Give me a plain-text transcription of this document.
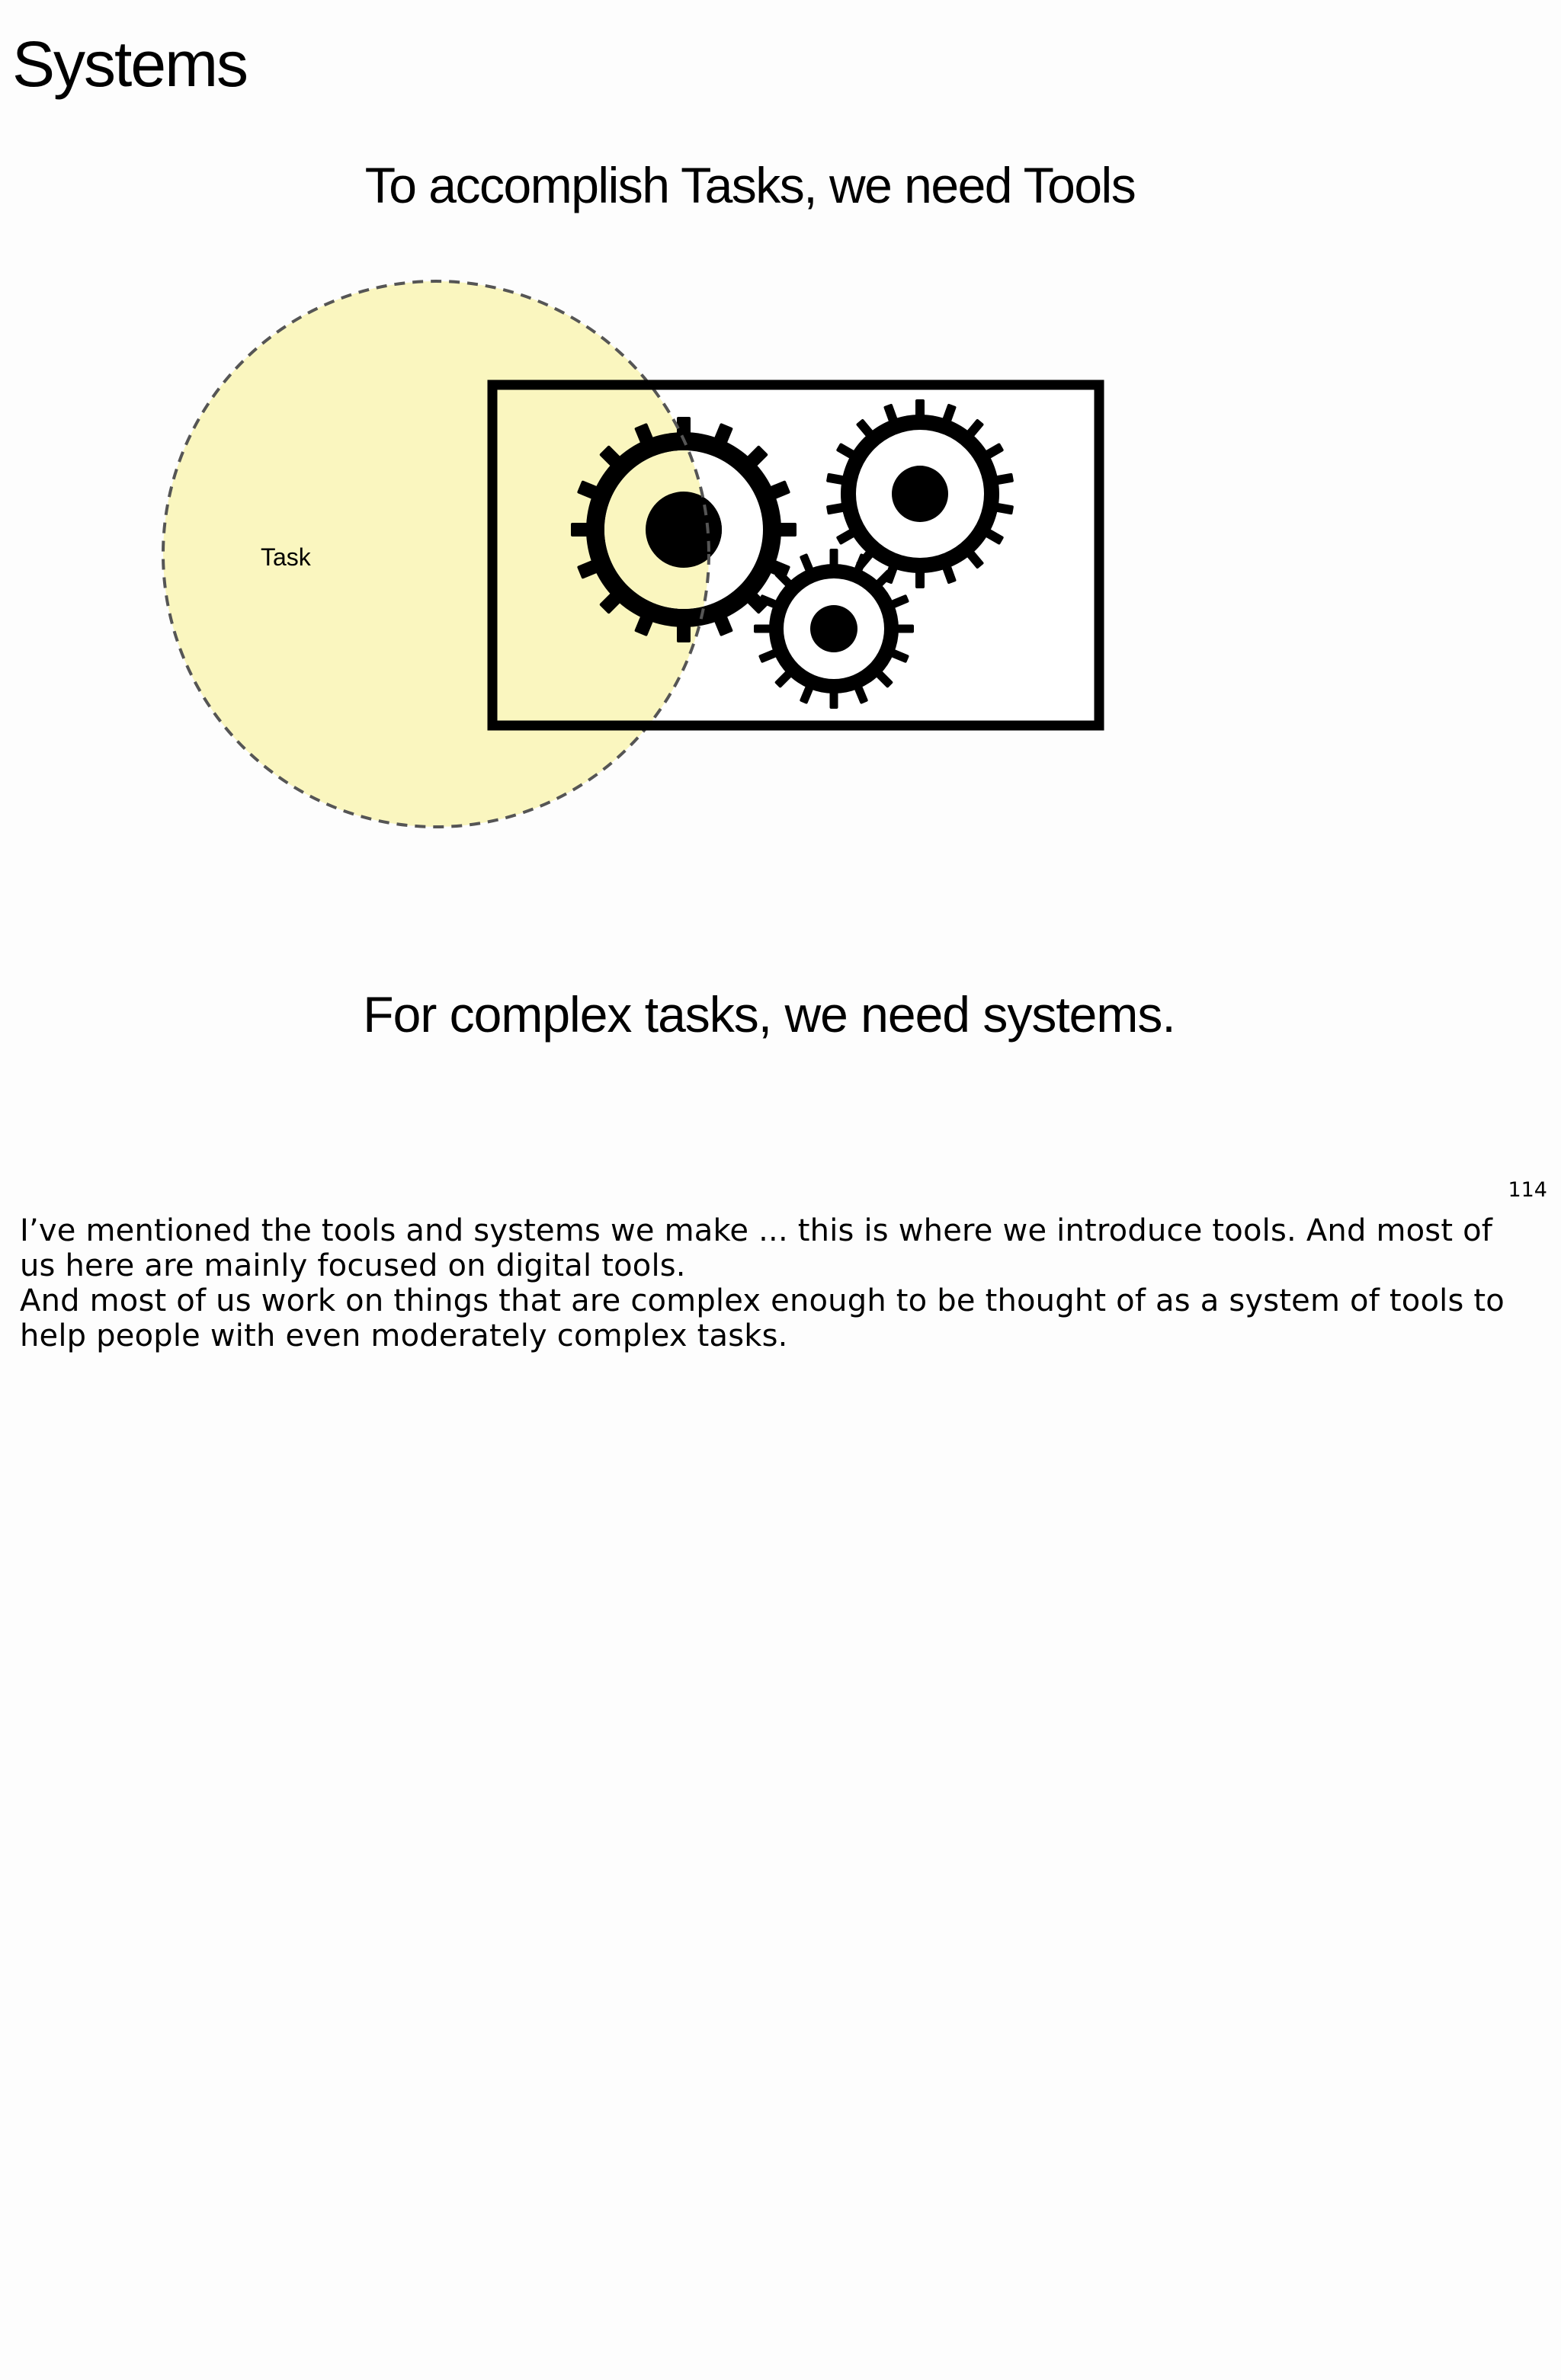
Systems
To accomplish Tasks, we need Tools
Task
For complex tasks, we need systems.
114

I’ve mentioned the tools and systems we make ... this is where we introduce tools. And most of us here are mainly focused on digital tools.

And most of us work on things that are complex enough to be thought of as a system of tools to help people with even moderately complex tasks.
